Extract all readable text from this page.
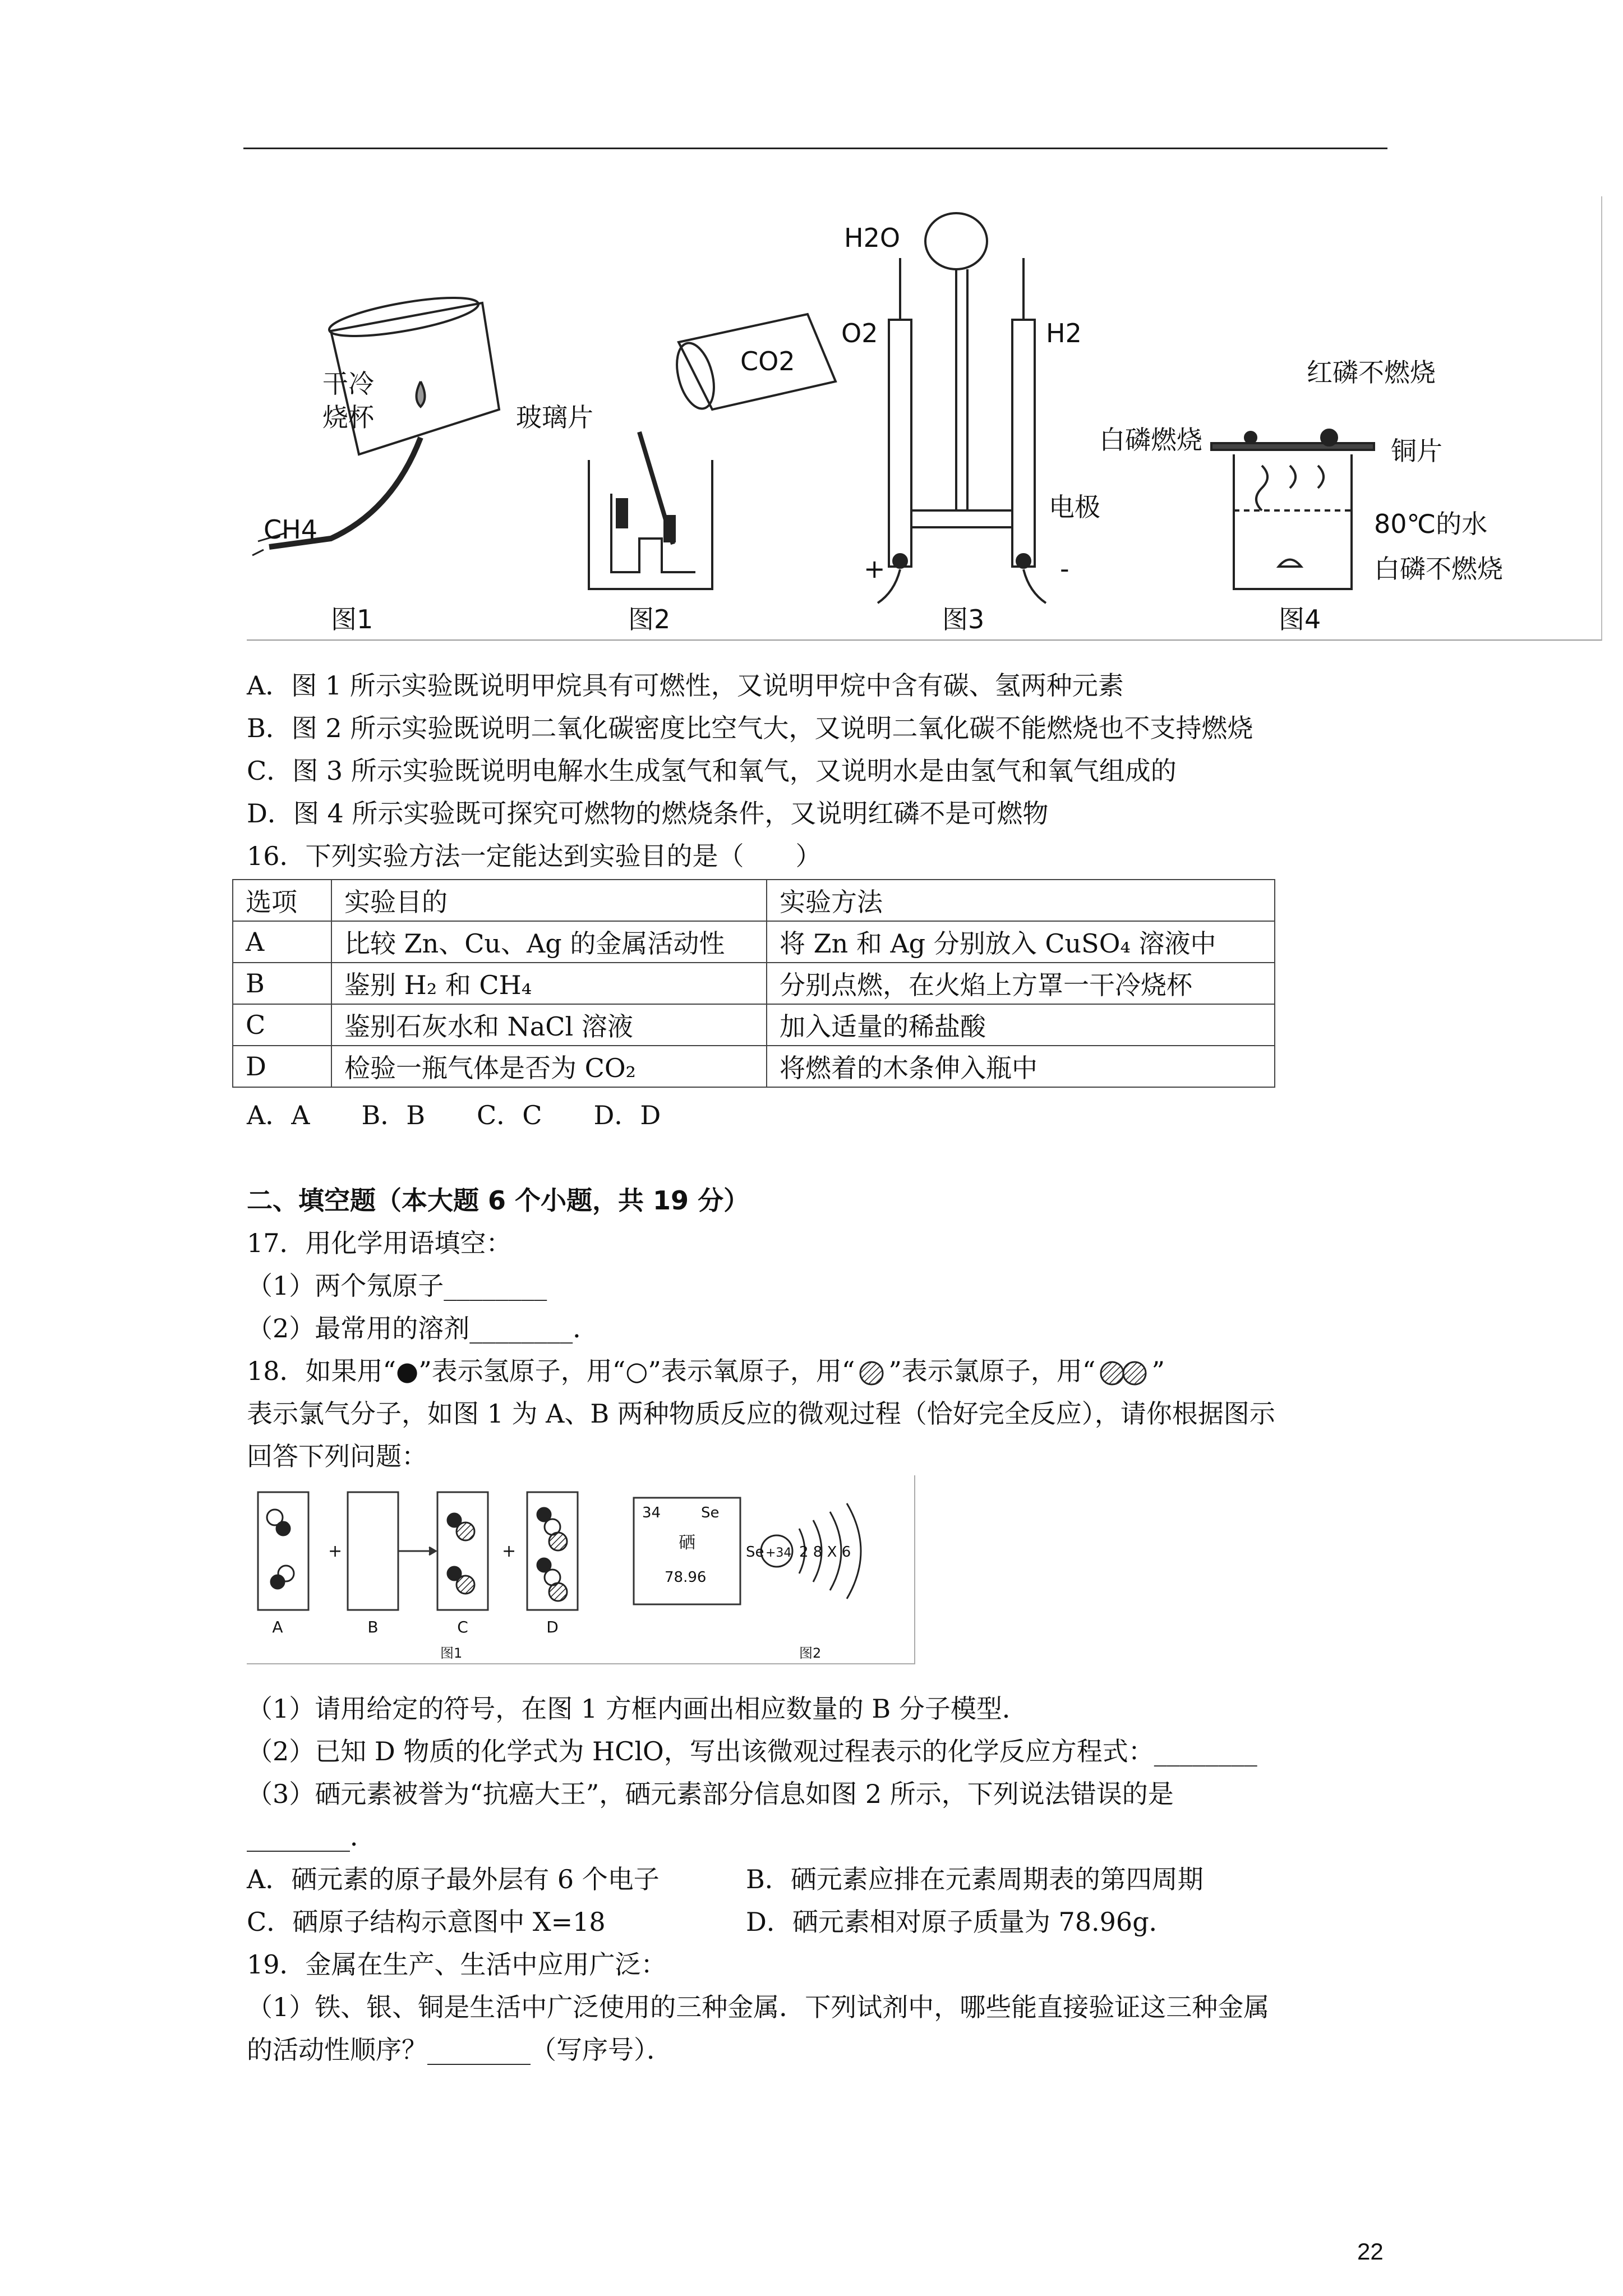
干冷
烧杯
CH4
玻璃片
CO2
H2O
O2	H2
电极
+	-
红磷不燃烧
白磷燃烧	铜片
80℃的水
白磷不燃烧
图1	图2	图3	图4
A．图 1 所示实验既说明甲烷具有可燃性，又说明甲烷中含有碳、氢两种元素
B．图 2 所示实验既说明二氧化碳密度比空气大，又说明二氧化碳不能燃烧也不支持燃烧
C．图 3 所示实验既说明电解水生成氢气和氧气，又说明水是由氢气和氧气组成的
D．图 4 所示实验既可探究可燃物的燃烧条件，又说明红磷不是可燃物
16．下列实验方法一定能达到实验目的是（　　）
选项	实验目的	实验方法
A	比较 Zn、Cu、Ag 的金属活动性	将 Zn 和 Ag 分别放入 CuSO₄ 溶液中
B	鉴别 H₂ 和 CH₄	分别点燃，在火焰上方罩一干冷烧杯
C	鉴别石灰水和 NaCl 溶液	加入适量的稀盐酸
D	检验一瓶气体是否为 CO₂	将燃着的木条伸入瓶中
A．A　　B．B　　C．C　　D．D
二、填空题（本大题 6 个小题，共 19 分）
17．用化学用语填空：
（1）两个氖原子________
（2）最常用的溶剂________．
18．如果用“●”表示氢原子，用“○”表示氧原子，用“ ”表示氯原子，用“ ”
表示氯气分子，如图 1 为 A、B 两种物质反应的微观过程（恰好完全反应），请你根据图示
回答下列问题：
A	B	C	D
+	+
34	Se
硒
78.96
Se +34 2 8 X 6
图1	图2
（1）请用给定的符号，在图 1 方框内画出相应数量的 B 分子模型．
（2）已知 D 物质的化学式为 HClO，写出该微观过程表示的化学反应方程式：________
（3）硒元素被誉为“抗癌大王”，硒元素部分信息如图 2 所示，下列说法错误的是
________．
A．硒元素的原子最外层有 6 个电子	B．硒元素应排在元素周期表的第四周期
C．硒原子结构示意图中 X=18	D．硒元素相对原子质量为 78.96g．
19．金属在生产、生活中应用广泛：
（1）铁、银、铜是生活中广泛使用的三种金属．下列试剂中，哪些能直接验证这三种金属
的活动性顺序？________（写序号）．
22
